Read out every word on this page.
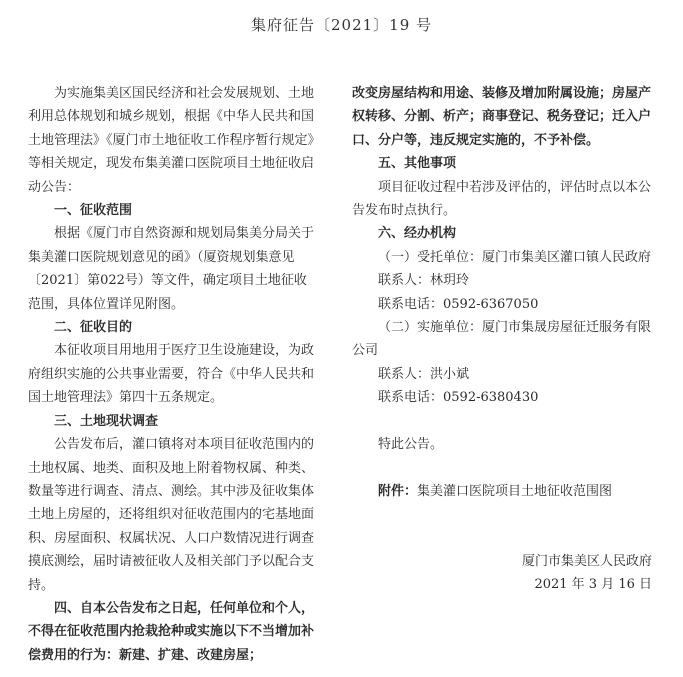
集府征告〔2021〕19 号

为实施集美区国民经济和社会发展规划、土地利用总体规划和城乡规划，根据《中华人民共和国土地管理法》《厦门市土地征收工作程序暂行规定》等相关规定，现发布集美灌口医院项目土地征收启动公告：

一、征收范围

根据《厦门市自然资源和规划局集美分局关于集美灌口医院规划意见的函》（厦资规划集意见〔2021〕第022号）等文件，确定项目土地征收范围，具体位置详见附图。

二、征收目的

本征收项目用地用于医疗卫生设施建设，为政府组织实施的公共事业需要，符合《中华人民共和国土地管理法》第四十五条规定。

三、土地现状调查

公告发布后，灌口镇将对本项目征收范围内的土地权属、地类、面积及地上附着物权属、种类、数量等进行调查、清点、测绘。其中涉及征收集体土地上房屋的，还将组织对征收范围内的宅基地面积、房屋面积、权属状况、人口户数情况进行调查摸底测绘，届时请被征收人及相关部门予以配合支持。

四、自本公告发布之日起，任何单位和个人，不得在征收范围内抢栽抢种或实施以下不当增加补偿费用的行为：新建、扩建、改建房屋；

改变房屋结构和用途、装修及增加附属设施；房屋产权转移、分割、析产；商事登记、税务登记；迁入户口、分户等，违反规定实施的，不予补偿。

五、其他事项

项目征收过程中若涉及评估的，评估时点以本公告发布时点执行。

六、经办机构

（一）受托单位：厦门市集美区灌口镇人民政府

联系人：林玥玲

联系电话：0592-6367050

（二）实施单位：厦门市集晟房屋征迁服务有限公司

联系人：洪小斌

联系电话：0592-6380430

特此公告。

附件：集美灌口医院项目土地征收范围图

厦门市集美区人民政府

2021 年 3 月 16 日
